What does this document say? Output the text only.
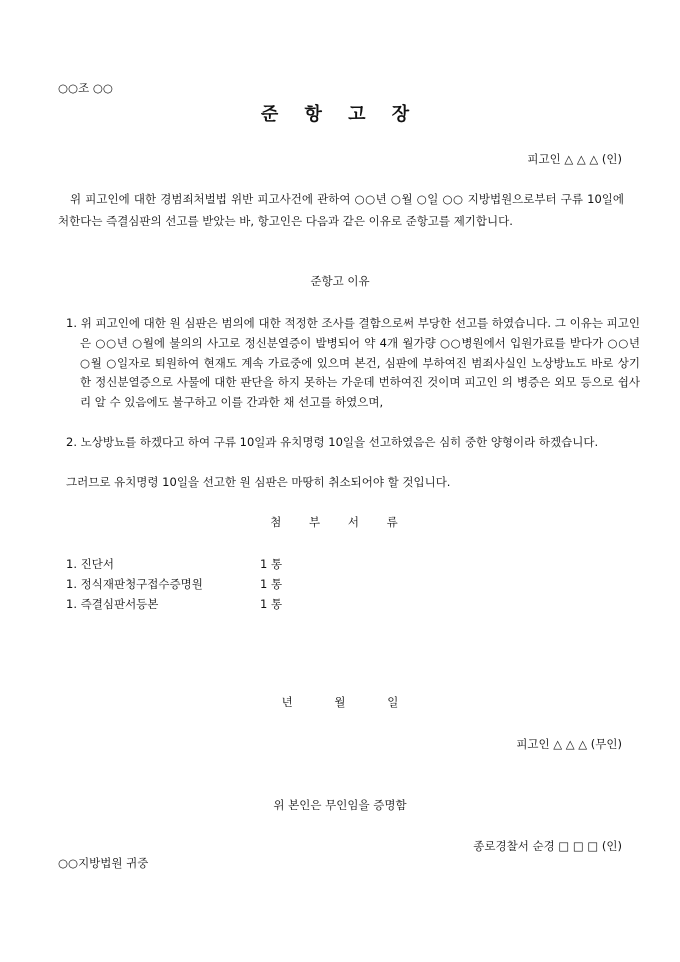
○○조 ○○
준 항 고 장
피고인 △ △ △ (인)
위 피고인에 대한 경범죄처벌법 위반 피고사건에 관하여 ○○년 ○월 ○일 ○○ 지방법원으로부터 구류 10일에 처한다는 즉결심판의 선고를 받았는 바, 항고인은 다음과 같은 이유로 준항고를 제기합니다.
준항고 이유
1. 위 피고인에 대한 원 심판은 범의에 대한 적정한 조사를 결함으로써 부당한 선고를 하였습니다. 그 이유는 피고인은 ○○년 ○월에 불의의 사고로 정신분열증이 발병되어 약 4개 월가량 ○○병원에서 입원가료를 받다가 ○○년 ○월 ○일자로 퇴원하여 현재도 계속 가료중에 있으며 본건, 심판에 부하여진 범죄사실인 노상방뇨도 바로 상기한 정신분열증으로 사물에 대한 판단을 하지 못하는 가운데 번하여진 것이며 피고인 의 병증은 외모 등으로 쉽사리 알 수 있음에도 불구하고 이를 간과한 채 선고를 하였으며,
2. 노상방뇨를 하겠다고 하여 구류 10일과 유치명령 10일을 선고하였음은 심히 중한 양형이라 하겠습니다.
그러므로 유치명령 10일을 선고한 원 심판은 마땅히 취소되어야 할 것입니다.
첨 부 서 류
1. 진단서	1 통
1. 정식재판청구접수증명원	1 통
1. 즉결심판서등본	1 통
년 월 일
피고인 △ △ △ (무인)
위 본인은 무인임을 증명함
종로경찰서 순경 □ □ □ (인)
○○지방법원 귀중
